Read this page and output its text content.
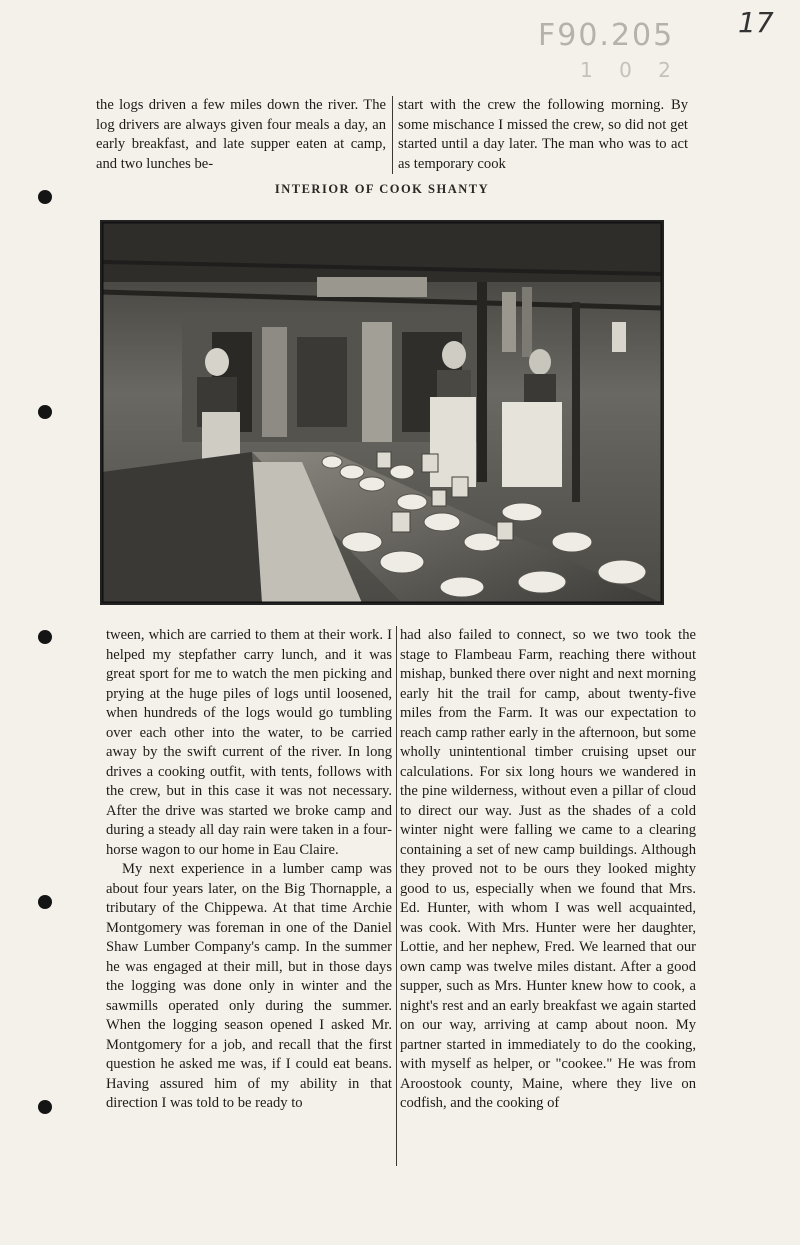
17
F90.205
1 0 2

the logs driven a few miles down the river. The log drivers are always given four meals a day, an early breakfast, and late supper eaten at camp, and two lunches be-

start with the crew the following morning. By some mischance I missed the crew, so did not get started until a day later. The man who was to act as temporary cook

INTERIOR OF COOK SHANTY

tween, which are carried to them at their work. I helped my stepfather carry lunch, and it was great sport for me to watch the men picking and prying at the huge piles of logs until loosened, when hundreds of the logs would go tumbling over each other into the water, to be carried away by the swift current of the river. In long drives a cooking outfit, with tents, follows with the crew, but in this case it was not necessary. After the drive was started we broke camp and during a steady all day rain were taken in a four-horse wagon to our home in Eau Claire.

My next experience in a lumber camp was about four years later, on the Big Thornapple, a tributary of the Chippewa. At that time Archie Montgomery was foreman in one of the Daniel Shaw Lumber Company's camp. In the summer he was engaged at their mill, but in those days the logging was done only in winter and the sawmills operated only during the summer. When the logging season opened I asked Mr. Montgomery for a job, and recall that the first question he asked me was, if I could eat beans. Having assured him of my ability in that direction I was told to be ready to

had also failed to connect, so we two took the stage to Flambeau Farm, reaching there without mishap, bunked there over night and next morning early hit the trail for camp, about twenty-five miles from the Farm. It was our expectation to reach camp rather early in the afternoon, but some wholly unintentional timber cruising upset our calculations. For six long hours we wandered in the pine wilderness, without even a pillar of cloud to direct our way. Just as the shades of a cold winter night were falling we came to a clearing containing a set of new camp buildings. Although they proved not to be ours they looked mighty good to us, especially when we found that Mrs. Ed. Hunter, with whom I was well acquainted, was cook. With Mrs. Hunter were her daughter, Lottie, and her nephew, Fred. We learned that our own camp was twelve miles distant. After a good supper, such as Mrs. Hunter knew how to cook, a night's rest and an early breakfast we again started on our way, arriving at camp about noon. My partner started in immediately to do the cooking, with myself as helper, or "cookee." He was from Aroostook county, Maine, where they live on codfish, and the cooking of
